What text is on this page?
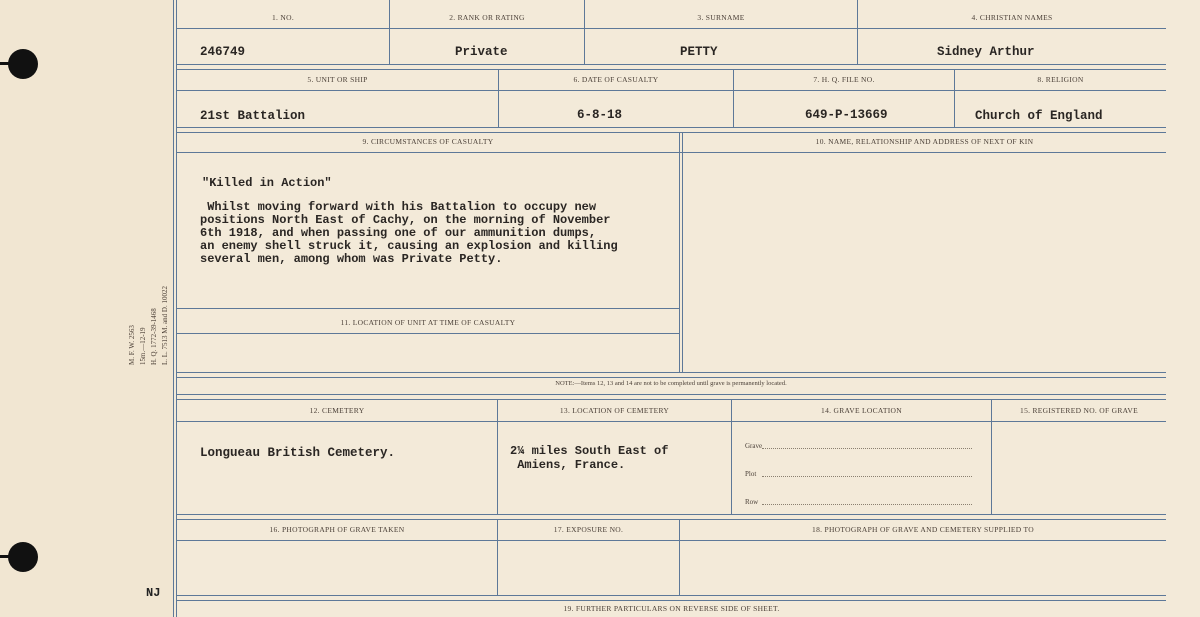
M. F. W. 2563 15m.—12-19 H. Q. 1772-39-1468 L. L. 7513 M. and D. 10022
NJ
1. NO.	2. RANK OR RATING	3. SURNAME	4. CHRISTIAN NAMES
246749	Private	PETTY	Sidney Arthur
5. UNIT OR SHIP	6. DATE OF CASUALTY	7. H. Q. FILE NO.	8. RELIGION
21st Battalion	6-8-18	649-P-13669	Church of England
9. CIRCUMSTANCES OF CASUALTY	10. NAME, RELATIONSHIP AND ADDRESS OF NEXT OF KIN
"Killed in Action"
Whilst moving forward with his Battalion to occupy new
positions North East of Cachy, on the morning of November
6th 1918, and when passing one of our ammunition dumps,
an enemy shell struck it, causing an explosion and killing
several men, among whom was Private Petty.
11. LOCATION OF UNIT AT TIME OF CASUALTY
NOTE:—Items 12, 13 and 14 are not to be completed until grave is permanently located.
12. CEMETERY	13. LOCATION OF CEMETERY	14. GRAVE LOCATION	15. REGISTERED NO. OF GRAVE
Longueau British Cemetery.	2¼ miles South East of
Amiens, France.
Grave
Plot
Row
16. PHOTOGRAPH OF GRAVE TAKEN	17. EXPOSURE NO.	18. PHOTOGRAPH OF GRAVE AND CEMETERY SUPPLIED TO
19. FURTHER PARTICULARS ON REVERSE SIDE OF SHEET.
